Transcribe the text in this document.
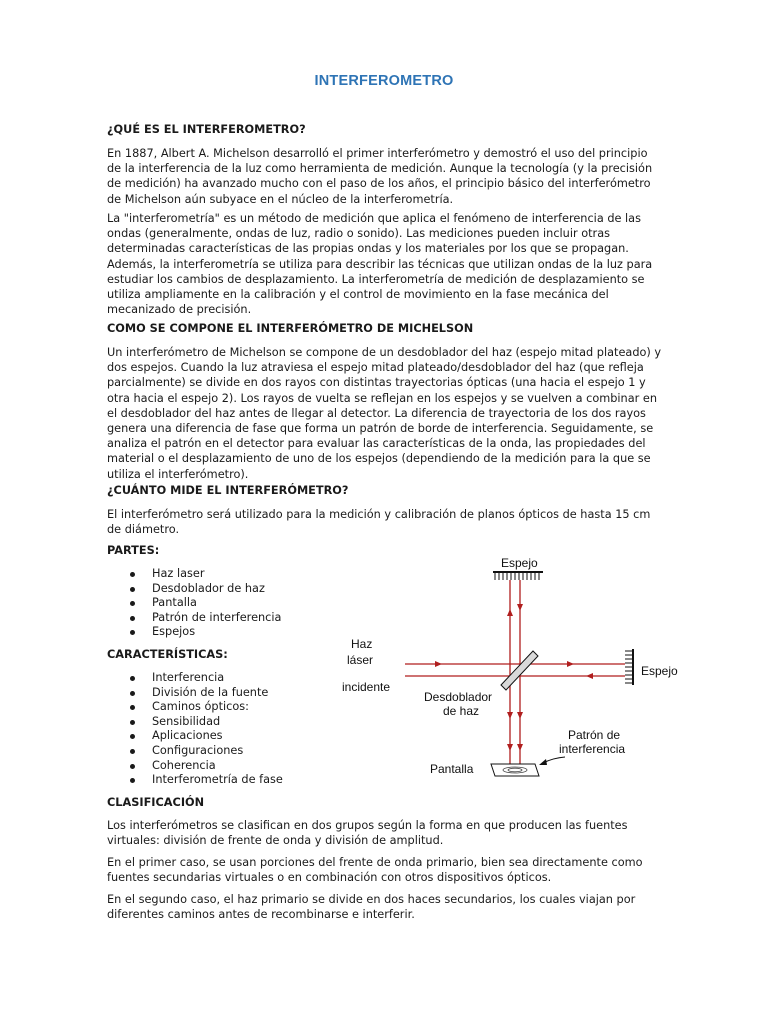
INTERFEROMETRO
¿QUÉ ES EL INTERFEROMETRO?

En 1887, Albert A. Michelson desarrolló el primer interferómetro y demostró el uso del principio de la interferencia de la luz como herramienta de medición. Aunque la tecnología (y la precisión de medición) ha avanzado mucho con el paso de los años, el principio básico del interferómetro de Michelson aún subyace en el núcleo de la interferometría.

La "interferometría" es un método de medición que aplica el fenómeno de interferencia de las ondas (generalmente, ondas de luz, radio o sonido). Las mediciones pueden incluir otras determinadas características de las propias ondas y los materiales por los que se propagan. Además, la interferometría se utiliza para describir las técnicas que utilizan ondas de la luz para estudiar los cambios de desplazamiento. La interferometría de medición de desplazamiento se utiliza ampliamente en la calibración y el control de movimiento en la fase mecánica del mecanizado de precisión.

COMO SE COMPONE EL INTERFERÓMETRO DE MICHELSON

Un interferómetro de Michelson se compone de un desdoblador del haz (espejo mitad plateado) y dos espejos. Cuando la luz atraviesa el espejo mitad plateado/desdoblador del haz (que refleja parcialmente) se divide en dos rayos con distintas trayectorias ópticas (una hacia el espejo 1 y otra hacia el espejo 2). Los rayos de vuelta se reflejan en los espejos y se vuelven a combinar en el desdoblador del haz antes de llegar al detector. La diferencia de trayectoria de los dos rayos genera una diferencia de fase que forma un patrón de borde de interferencia. Seguidamente, se analiza el patrón en el detector para evaluar las características de la onda, las propiedades del material o el desplazamiento de uno de los espejos (dependiendo de la medición para la que se utiliza el interferómetro).

¿CUÁNTO MIDE EL INTERFERÓMETRO?

El interferómetro será utilizado para la medición y calibración de planos ópticos de hasta 15 cm de diámetro.

PARTES:
Haz laser
Desdoblador de haz
Pantalla
Patrón de interferencia
Espejos
CARACTERÍSTICAS:
Interferencia
División de la fuente
Caminos ópticos:
Sensibilidad
Aplicaciones
Configuraciones
Coherencia
Interferometría de fase
CLASIFICACIÓN

Los interferómetros se clasifican en dos grupos según la forma en que producen las fuentes virtuales: división de frente de onda y división de amplitud.

En el primer caso, se usan porciones del frente de onda primario, bien sea directamente como fuentes secundarias virtuales o en combinación con otros dispositivos ópticos.

En el segundo caso, el haz primario se divide en dos haces secundarios, los cuales viajan por diferentes caminos antes de recombinarse e interferir.

Espejo
Espejo
Haz
láser
incidente
Desdoblador
de haz
Patrón de
interferencia
Pantalla
